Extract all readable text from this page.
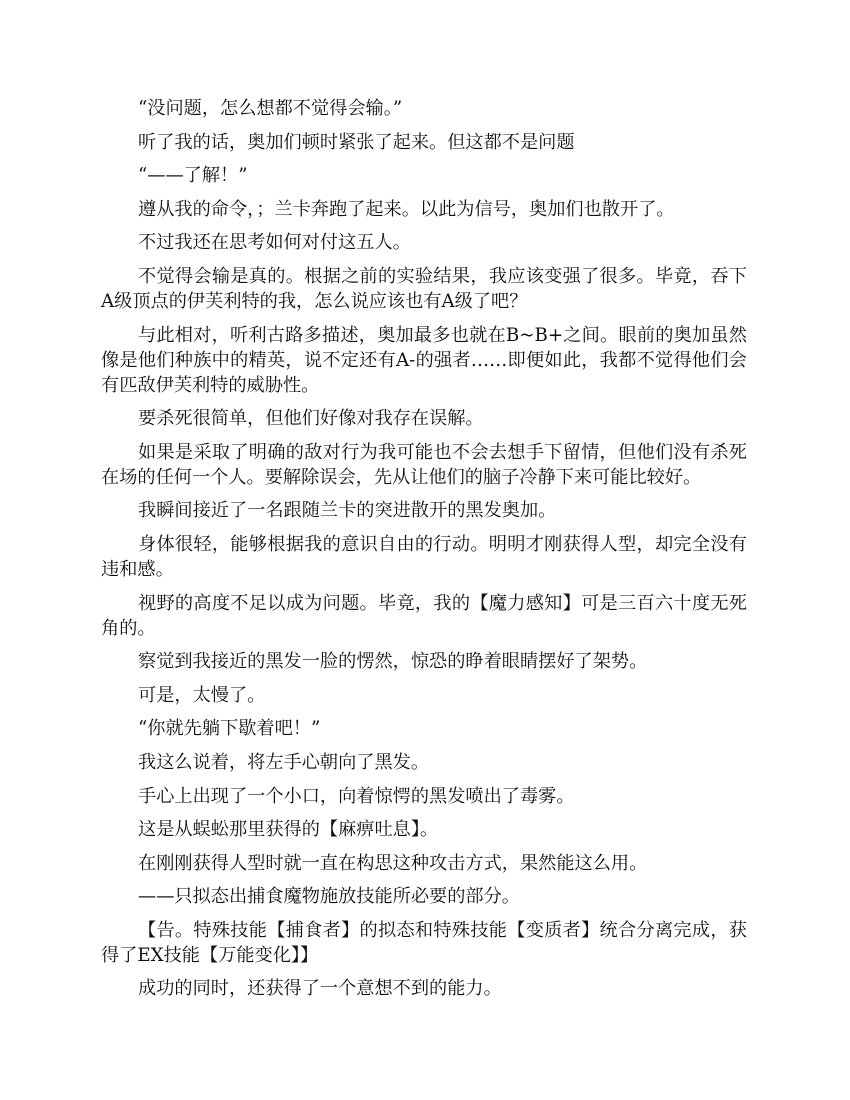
“没问题，怎么想都不觉得会输。”

听了我的话，奥加们顿时紧张了起来。但这都不是问题

“——了解！”

遵从我的命令，；兰卡奔跑了起来。以此为信号，奥加们也散开了。

不过我还在思考如何对付这五人。

不觉得会输是真的。根据之前的实验结果，我应该变强了很多。毕竟，吞下A级顶点的伊芙利特的我，怎么说应该也有A级了吧？

与此相对，听利古路多描述，奥加最多也就在B~B+之间。眼前的奥加虽然像是他们种族中的精英，说不定还有A-的强者……即便如此，我都不觉得他们会有匹敌伊芙利特的威胁性。

要杀死很简单，但他们好像对我存在误解。

如果是采取了明确的敌对行为我可能也不会去想手下留情，但他们没有杀死在场的任何一个人。要解除误会，先从让他们的脑子冷静下来可能比较好。

我瞬间接近了一名跟随兰卡的突进散开的黑发奥加。

身体很轻，能够根据我的意识自由的行动。明明才刚获得人型，却完全没有违和感。

视野的高度不足以成为问题。毕竟，我的【魔力感知】可是三百六十度无死角的。

察觉到我接近的黑发一脸的愣然，惊恐的睁着眼睛摆好了架势。

可是，太慢了。

“你就先躺下歇着吧！”

我这么说着，将左手心朝向了黑发。

手心上出现了一个小口，向着惊愕的黑发喷出了毒雾。

这是从蜈蚣那里获得的【麻痹吐息】。

在刚刚获得人型时就一直在构思这种攻击方式，果然能这么用。

——只拟态出捕食魔物施放技能所必要的部分。

【告。特殊技能【捕食者】的拟态和特殊技能【变质者】统合分离完成，获得了EX技能【万能变化】】

成功的同时，还获得了一个意想不到的能力。
